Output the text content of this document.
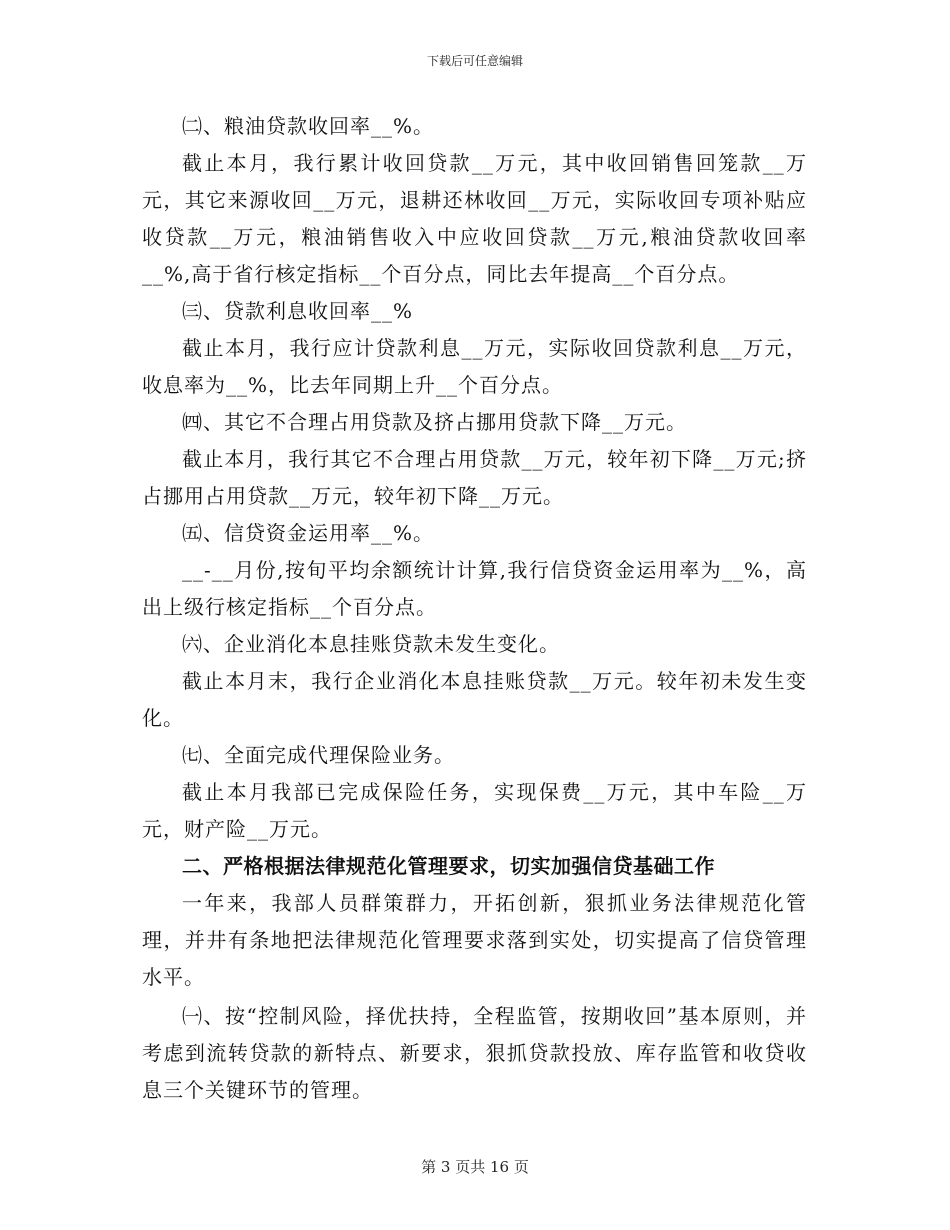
下载后可任意编辑

㈡、粮油贷款收回率__%。

截止本月，我行累计收回贷款__万元，其中收回销售回笼款__万元，其它来源收回__万元，退耕还林收回__万元，实际收回专项补贴应收贷款__万元，粮油销售收入中应收回贷款__万元,粮油贷款收回率__%,高于省行核定指标__个百分点，同比去年提高__个百分点。

㈢、贷款利息收回率__%

截止本月，我行应计贷款利息__万元，实际收回贷款利息__万元，收息率为__%，比去年同期上升__个百分点。

㈣、其它不合理占用贷款及挤占挪用贷款下降__万元。

截止本月，我行其它不合理占用贷款__万元，较年初下降__万元;挤占挪用占用贷款__万元，较年初下降__万元。

㈤、信贷资金运用率__%。

__-__月份,按旬平均余额统计计算,我行信贷资金运用率为__%，高出上级行核定指标__个百分点。

㈥、企业消化本息挂账贷款未发生变化。

截止本月末，我行企业消化本息挂账贷款__万元。较年初未发生变化。

㈦、全面完成代理保险业务。

截止本月我部已完成保险任务，实现保费__万元，其中车险__万元，财产险__万元。

二、严格根据法律规范化管理要求，切实加强信贷基础工作

一年来，我部人员群策群力，开拓创新，狠抓业务法律规范化管理，并井有条地把法律规范化管理要求落到实处，切实提高了信贷管理水平。

㈠、按“控制风险，择优扶持，全程监管，按期收回”基本原则，并考虑到流转贷款的新特点、新要求，狠抓贷款投放、库存监管和收贷收息三个关键环节的管理。

第 3 页共 16 页
